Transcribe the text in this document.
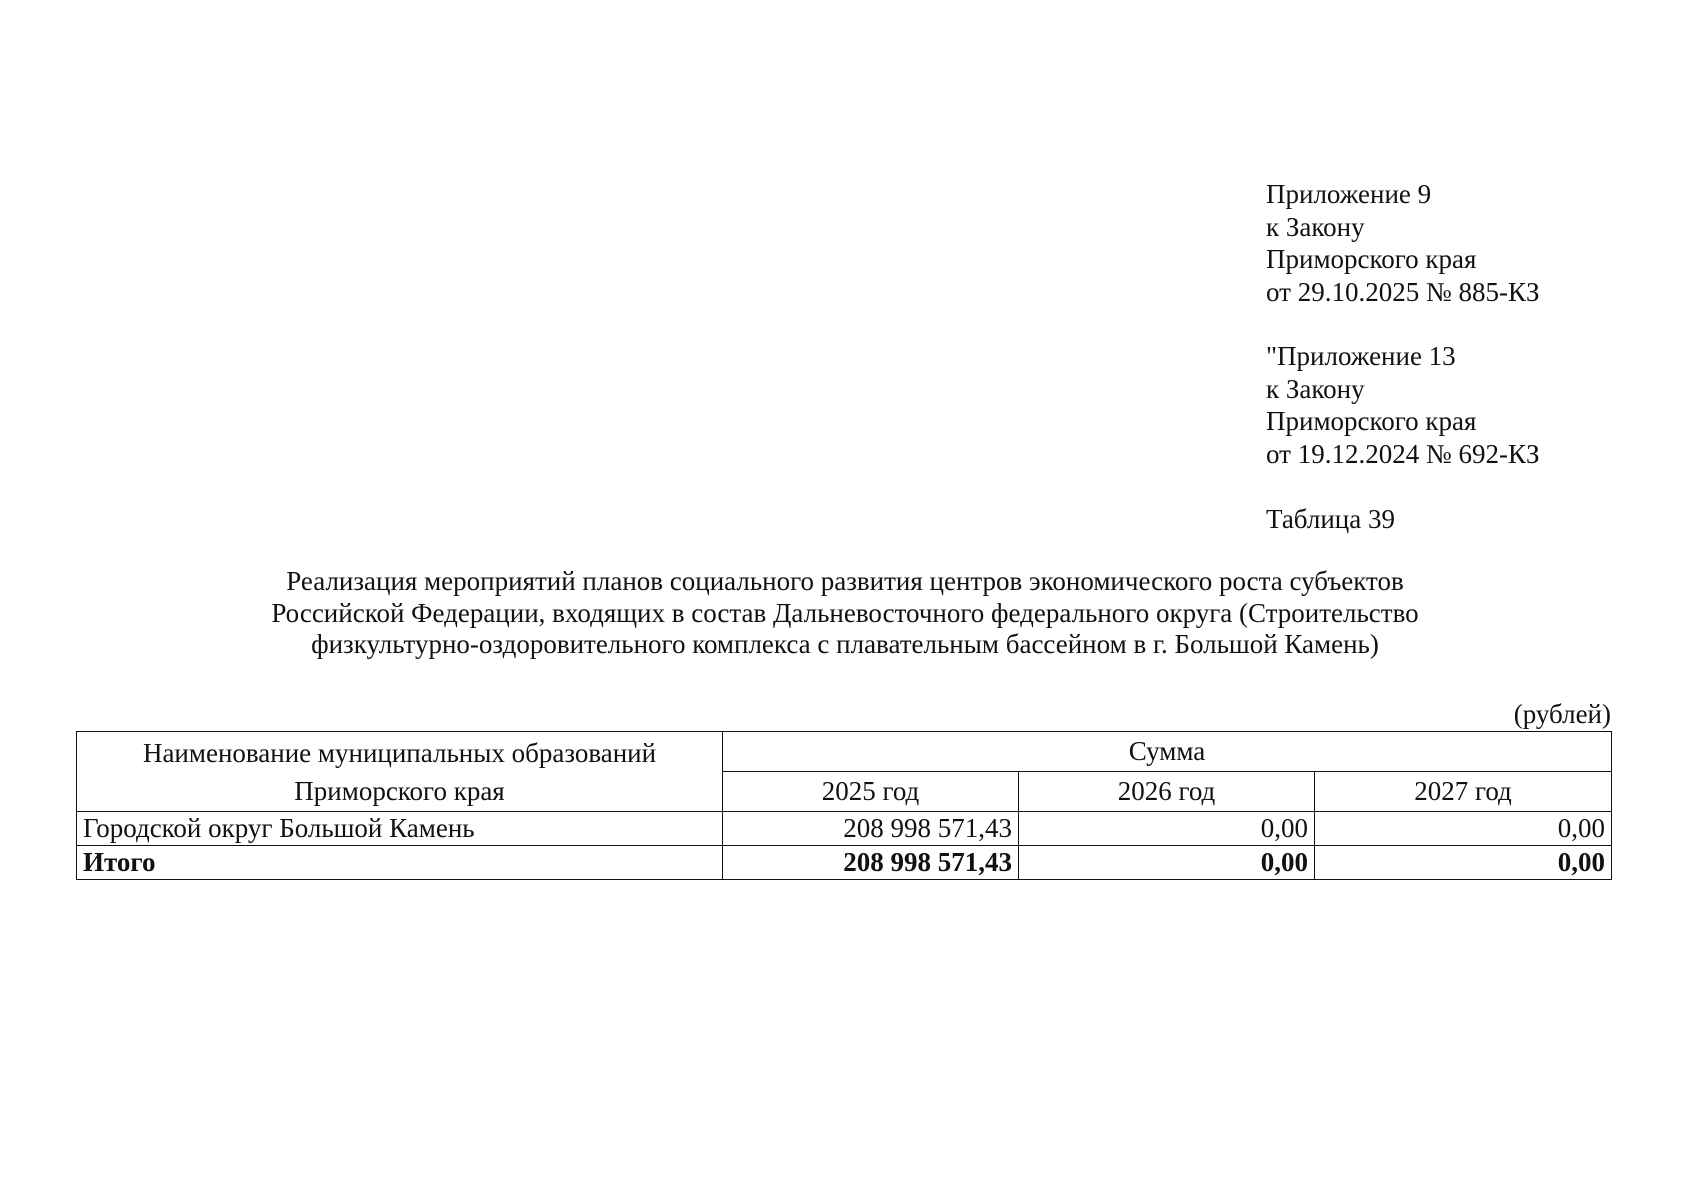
Приложение 9
к Закону
Приморского края
от 29.10.2025 № 885-КЗ
"Приложение 13
к Закону
Приморского края
от 19.12.2024 № 692-КЗ
Таблица 39
Реализация мероприятий планов социального развития центров экономического роста субъектов
Российской Федерации, входящих в состав Дальневосточного федерального округа (Строительство
физкультурно-оздоровительного комплекса с плавательным бассейном в г. Большой Камень)
(рублей)
Наименование муниципальных образований
Приморского края	Сумма		
	2025 год	2026 год	2027 год
Городской округ Большой Камень	208 998 571,43	0,00	0,00
Итого	208 998 571,43	0,00	0,00
